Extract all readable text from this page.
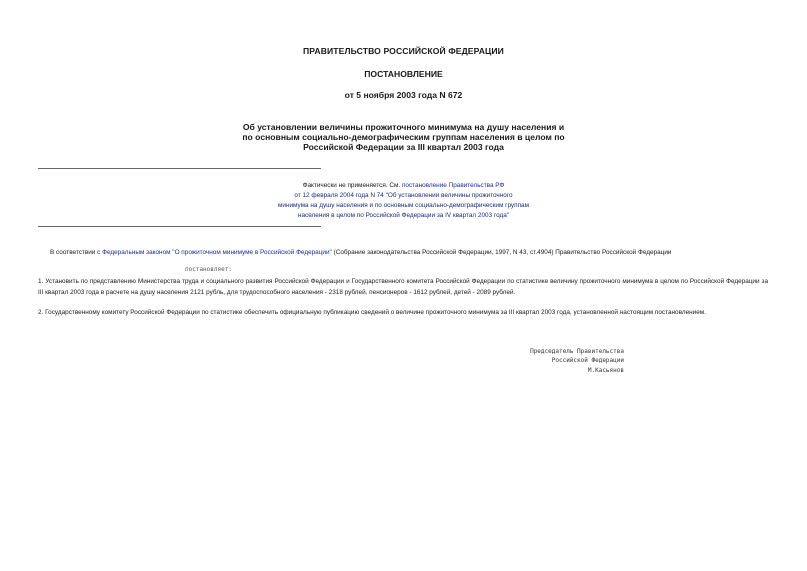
ПРАВИТЕЛЬСТВО РОССИЙСКОЙ ФЕДЕРАЦИИ
ПОСТАНОВЛЕНИЕ
от 5 ноября 2003 года N 672
Об установлении величины прожиточного минимума на душу населения и
по основным социально-демографическим группам населения в целом по
Российской Федерации за III квартал 2003 года
Фактически не применяется. См. постановление Правительства РФ
от 12 февраля 2004 года N 74 "Об установлении величины прожиточного
минимума на душу населения и по основным социально-демографическим группам
населения в целом по Российской Федерации за IV квартал 2003 года"
В соответствии с Федеральным законом "О прожиточном минимуме в Российской Федерации" (Собрание законодательства Российской Федерации, 1997, N 43, ст.4904) Правительство Российской Федерации
постановляет:
1. Установить по представлению Министерства труда и социального развития Российской Федерации и Государственного комитета Российской Федерации по статистике величину прожиточного минимума в целом по Российской Федерации за III квартал 2003 года в расчете на душу населения 2121 рубль, для трудоспособного населения - 2318 рублей, пенсионеров - 1612 рублей, детей - 2089 рублей.
2. Государственному комитету Российской Федерации по статистике обеспечить официальную публикацию сведений о величине прожиточного минимума за III квартал 2003 года, установленной настоящим постановлением.
Председатель Правительства
Российской Федерации
М.Касьянов
